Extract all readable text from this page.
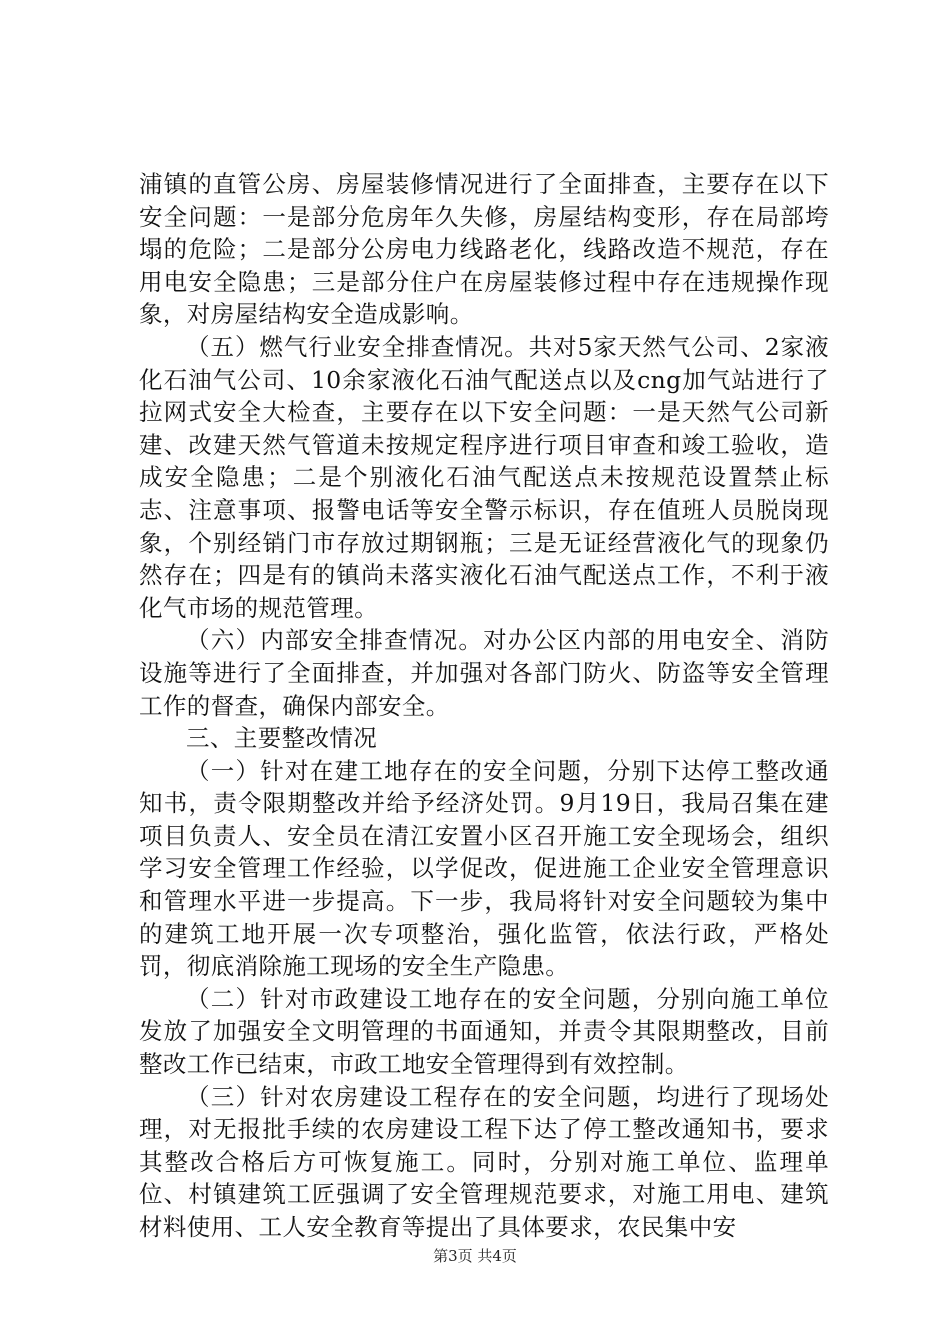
浦镇的直管公房、房屋装修情况进行了全面排查，主要存在以下安全问题：一是部分危房年久失修，房屋结构变形，存在局部垮塌的危险；二是部分公房电力线路老化，线路改造不规范，存在用电安全隐患；三是部分住户在房屋装修过程中存在违规操作现象，对房屋结构安全造成影响。

（五）燃气行业安全排查情况。共对5家天然气公司、2家液化石油气公司、10余家液化石油气配送点以及cng加气站进行了拉网式安全大检查，主要存在以下安全问题：一是天然气公司新建、改建天然气管道未按规定程序进行项目审查和竣工验收，造成安全隐患；二是个别液化石油气配送点未按规范设置禁止标志、注意事项、报警电话等安全警示标识，存在值班人员脱岗现象，个别经销门市存放过期钢瓶；三是无证经营液化气的现象仍然存在；四是有的镇尚未落实液化石油气配送点工作，不利于液化气市场的规范管理。

（六）内部安全排查情况。对办公区内部的用电安全、消防设施等进行了全面排查，并加强对各部门防火、防盗等安全管理工作的督查，确保内部安全。

三、主要整改情况

（一）针对在建工地存在的安全问题，分别下达停工整改通知书，责令限期整改并给予经济处罚。9月19日，我局召集在建项目负责人、安全员在清江安置小区召开施工安全现场会，组织学习安全管理工作经验，以学促改，促进施工企业安全管理意识和管理水平进一步提高。下一步，我局将针对安全问题较为集中的建筑工地开展一次专项整治，强化监管，依法行政，严格处罚，彻底消除施工现场的安全生产隐患。

（二）针对市政建设工地存在的安全问题，分别向施工单位发放了加强安全文明管理的书面通知，并责令其限期整改，目前整改工作已结束，市政工地安全管理得到有效控制。

（三）针对农房建设工程存在的安全问题，均进行了现场处理，对无报批手续的农房建设工程下达了停工整改通知书，要求其整改合格后方可恢复施工。同时，分别对施工单位、监理单位、村镇建筑工匠强调了安全管理规范要求，对施工用电、建筑材料使用、工人安全教育等提出了具体要求，农民集中安

第3页 共4页
